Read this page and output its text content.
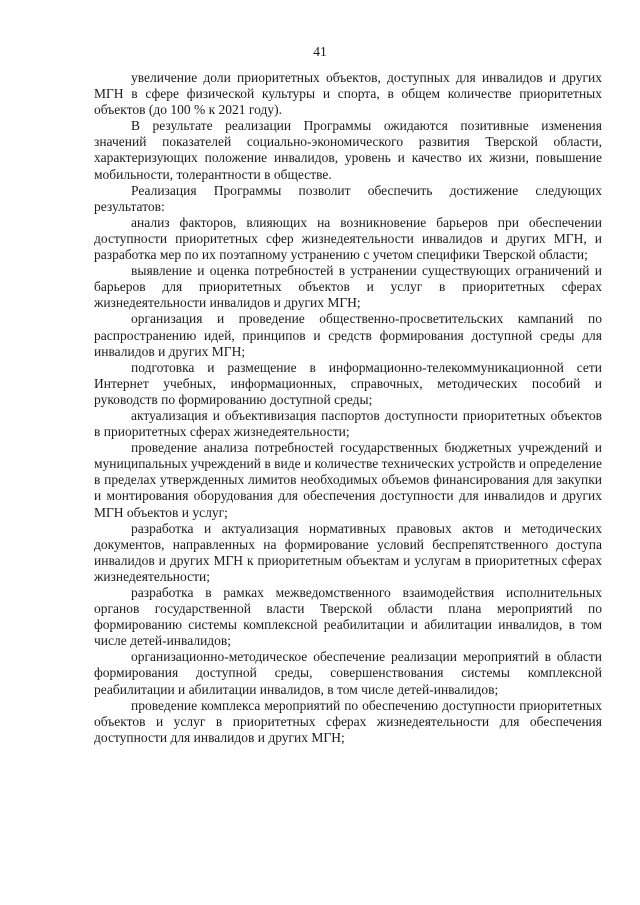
41

увеличение доли приоритетных объектов, доступных для инвалидов и других МГН в сфере физической культуры и спорта, в общем количестве приоритетных объектов (до 100 % к 2021 году).

В результате реализации Программы ожидаются позитивные изменения значений показателей социально-экономического развития Тверской области, характеризующих положение инвалидов, уровень и качество их жизни, повышение мобильности, толерантности в обществе.

Реализация Программы позволит обеспечить достижение следующих результатов:

анализ факторов, влияющих на возникновение барьеров при обеспечении доступности приоритетных сфер жизнедеятельности инвалидов и других МГН, и разработка мер по их поэтапному устранению с учетом специфики Тверской области;

выявление и оценка потребностей в устранении существующих ограничений и барьеров для приоритетных объектов и услуг в приоритетных сферах жизнедеятельности инвалидов и других МГН;

организация и проведение общественно-просветительских кампаний по распространению идей, принципов и средств формирования доступной среды для инвалидов и других МГН;

подготовка и размещение в информационно-телекоммуникационной сети Интернет учебных, информационных, справочных, методических пособий и руководств по формированию доступной среды;

актуализация и объективизация паспортов доступности приоритетных объектов в приоритетных сферах жизнедеятельности;

проведение анализа потребностей государственных бюджетных учреждений и муниципальных учреждений в виде и количестве технических устройств и определение в пределах утвержденных лимитов необходимых объемов финансирования для закупки и монтирования оборудования для обеспечения доступности для инвалидов и других МГН объектов и услуг;

разработка и актуализация нормативных правовых актов и методических документов, направленных на формирование условий беспрепятственного доступа инвалидов и других МГН к приоритетным объектам и услугам в приоритетных сферах жизнедеятельности;

разработка в рамках межведомственного взаимодействия исполнительных органов государственной власти Тверской области плана мероприятий по формированию системы комплексной реабилитации и абилитации инвалидов, в том числе детей-инвалидов;

организационно-методическое обеспечение реализации мероприятий в области формирования доступной среды, совершенствования системы комплексной реабилитации и абилитации инвалидов, в том числе детей-инвалидов;

проведение комплекса мероприятий по обеспечению доступности приоритетных объектов и услуг в приоритетных сферах жизнедеятельности для обеспечения доступности для инвалидов и других МГН;
